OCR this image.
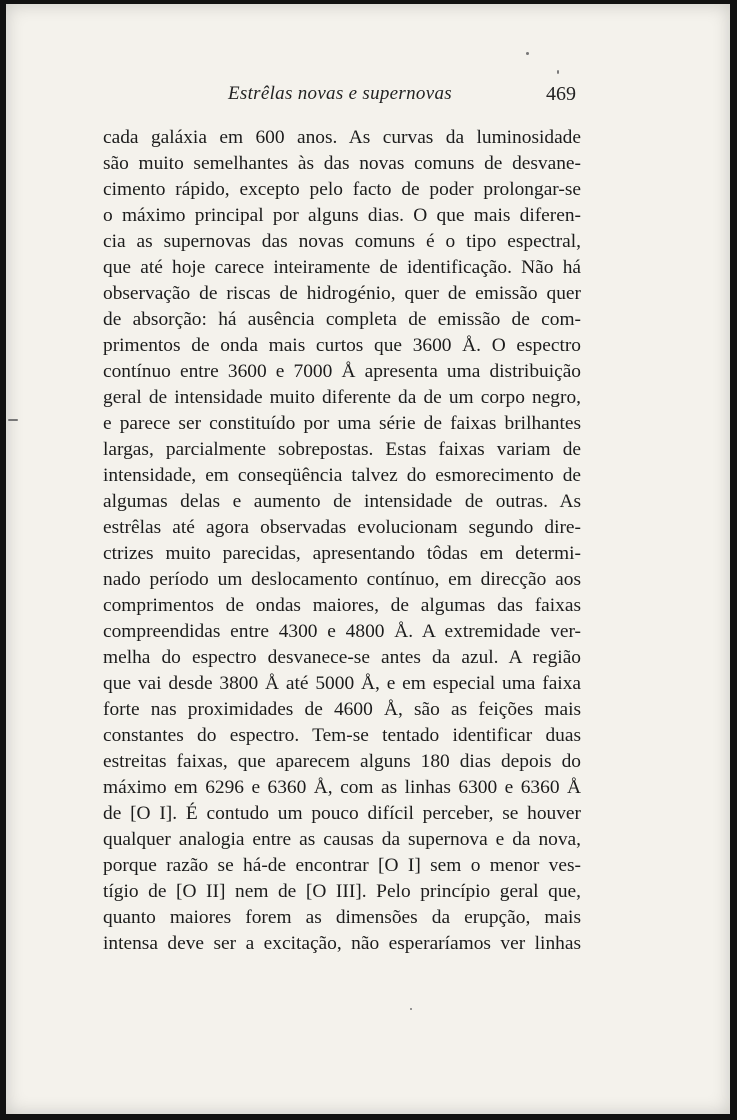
Estrêlas novas e supernovas	469
cada galáxia em 600 anos. As curvas da luminosidade
são muito semelhantes às das novas comuns de desvane-
cimento rápido, excepto pelo facto de poder prolongar-se
o máximo principal por alguns dias. O que mais diferen-
cia as supernovas das novas comuns é o tipo espectral,
que até hoje carece inteiramente de identificação. Não há
observação de riscas de hidrogénio, quer de emissão quer
de absorção: há ausência completa de emissão de com-
primentos de onda mais curtos que 3600 Å. O espectro
contínuo entre 3600 e 7000 Å apresenta uma distribuição
geral de intensidade muito diferente da de um corpo negro,
e parece ser constituído por uma série de faixas brilhantes
largas, parcialmente sobrepostas. Estas faixas variam de
intensidade, em conseqüência talvez do esmorecimento de
algumas delas e aumento de intensidade de outras. As
estrêlas até agora observadas evolucionam segundo dire-
ctrizes muito parecidas, apresentando tôdas em determi-
nado período um deslocamento contínuo, em direcção aos
comprimentos de ondas maiores, de algumas das faixas
compreendidas entre 4300 e 4800 Å. A extremidade ver-
melha do espectro desvanece-se antes da azul. A região
que vai desde 3800 Å até 5000 Å, e em especial uma faixa
forte nas proximidades de 4600 Å, são as feições mais
constantes do espectro. Tem-se tentado identificar duas
estreitas faixas, que aparecem alguns 180 dias depois do
máximo em 6296 e 6360 Å, com as linhas 6300 e 6360 Å
de [O I]. É contudo um pouco difícil perceber, se houver
qualquer analogia entre as causas da supernova e da nova,
porque razão se há-de encontrar [O I] sem o menor ves-
tígio de [O II] nem de [O III]. Pelo princípio geral que,
quanto maiores forem as dimensões da erupção, mais
intensa deve ser a excitação, não esperaríamos ver linhas
